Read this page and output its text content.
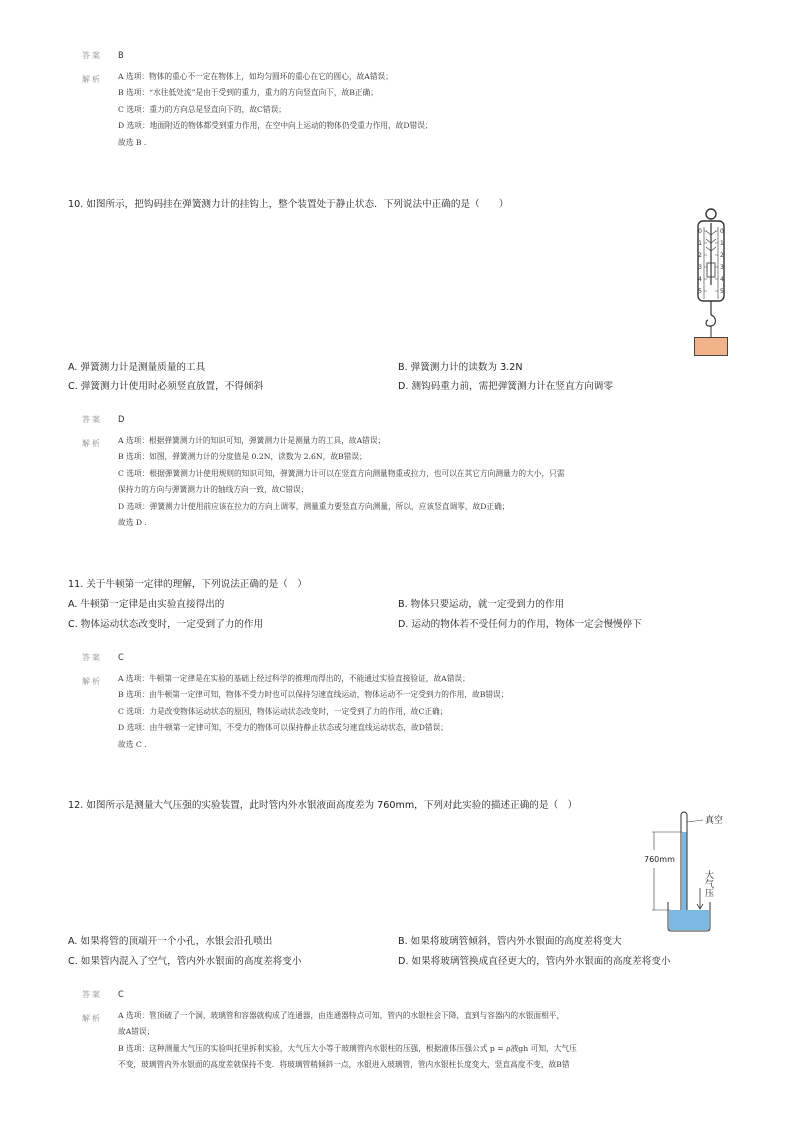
答案 B
解析 A 选项：物体的重心不一定在物体上，如均匀圆环的重心在它的圆心，故A错误；
B 选项：“水往低处流”是由于受到的重力，重力的方向竖直向下，故B正确；
C 选项：重力的方向总是竖直向下的，故C错误；
D 选项：地面附近的物体都受到重力作用，在空中向上运动的物体仍受重力作用，故D错误；
故选 B .
10. 如图所示，把钩码挂在弹簧测力计的挂钩上，整个装置处于静止状态．下列说法中正确的是（　　）
0
1
2
3
4
5
0
1
2
3
4
5
A. 弹簧测力计是测量质量的工具	B. 弹簧测力计的读数为 3.2N
C. 弹簧测力计使用时必须竖直放置，不得倾斜	D. 测钩码重力前，需把弹簧测力计在竖直方向调零
答案 D
解析 A 选项：根据弹簧测力计的知识可知，弹簧测力计是测量力的工具，故A错误；
B 选项：如图，弹簧测力计的分度值是 0.2N，读数为 2.6N，故B错误；
C 选项：根据弹簧测力计使用规则的知识可知，弹簧测力计可以在竖直方向测量物重或拉力，也可以在其它方向测量力的大小，只需
保持力的方向与弹簧测力计的轴线方向一致，故C错误；
D 选项：弹簧测力计使用前应该在拉力的方向上调零，测量重力要竖直方向测量，所以，应该竖直调零，故D正确；
故选 D .
11. 关于牛顿第一定律的理解，下列说法正确的是（　）
A. 牛顿第一定律是由实验直接得出的	B. 物体只要运动，就一定受到力的作用
C. 物体运动状态改变时，一定受到了力的作用	D. 运动的物体若不受任何力的作用，物体一定会慢慢停下
答案 C
解析 A 选项：牛顿第一定律是在实验的基础上经过科学的推理而得出的，不能通过实验直接验证，故A错误；
B 选项：由牛顿第一定律可知，物体不受力时也可以保持匀速直线运动，物体运动不一定受到力的作用，故B错误；
C 选项：力是改变物体运动状态的原因，物体运动状态改变时，一定受到了力的作用，故C正确；
D 选项：由牛顿第一定律可知，不受力的物体可以保持静止状态或匀速直线运动状态，故D错误；
故选 C .
12. 如图所示是测量大气压强的实验装置，此时管内外水银液面高度差为 760mm，下列对此实验的描述正确的是（　）
真空
760mm
大气压
A. 如果将管的顶端开一个小孔，水银会沿孔喷出	B. 如果将玻璃管倾斜，管内外水银面的高度差将变大
C. 如果管内混入了空气，管内外水银面的高度差将变小	D. 如果将玻璃管换成直径更大的，管内外水银面的高度差将变小
答案 C
解析 A 选项：管顶破了一个洞，玻璃管和容器就构成了连通器，由连通器特点可知，管内的水银柱会下降，直到与容器内的水银面相平，
故A错误；
B 选项：这种测量大气压的实验叫托里拆利实验，大气压大小等于玻璃管内水银柱的压强，根据液体压强公式 p = ρ液gh 可知，大气压
不变，玻璃管内外水银面的高度差就保持不变．将玻璃管稍倾斜一点，水银进入玻璃管，管内水银柱长度变大，竖直高度不变，故B错
